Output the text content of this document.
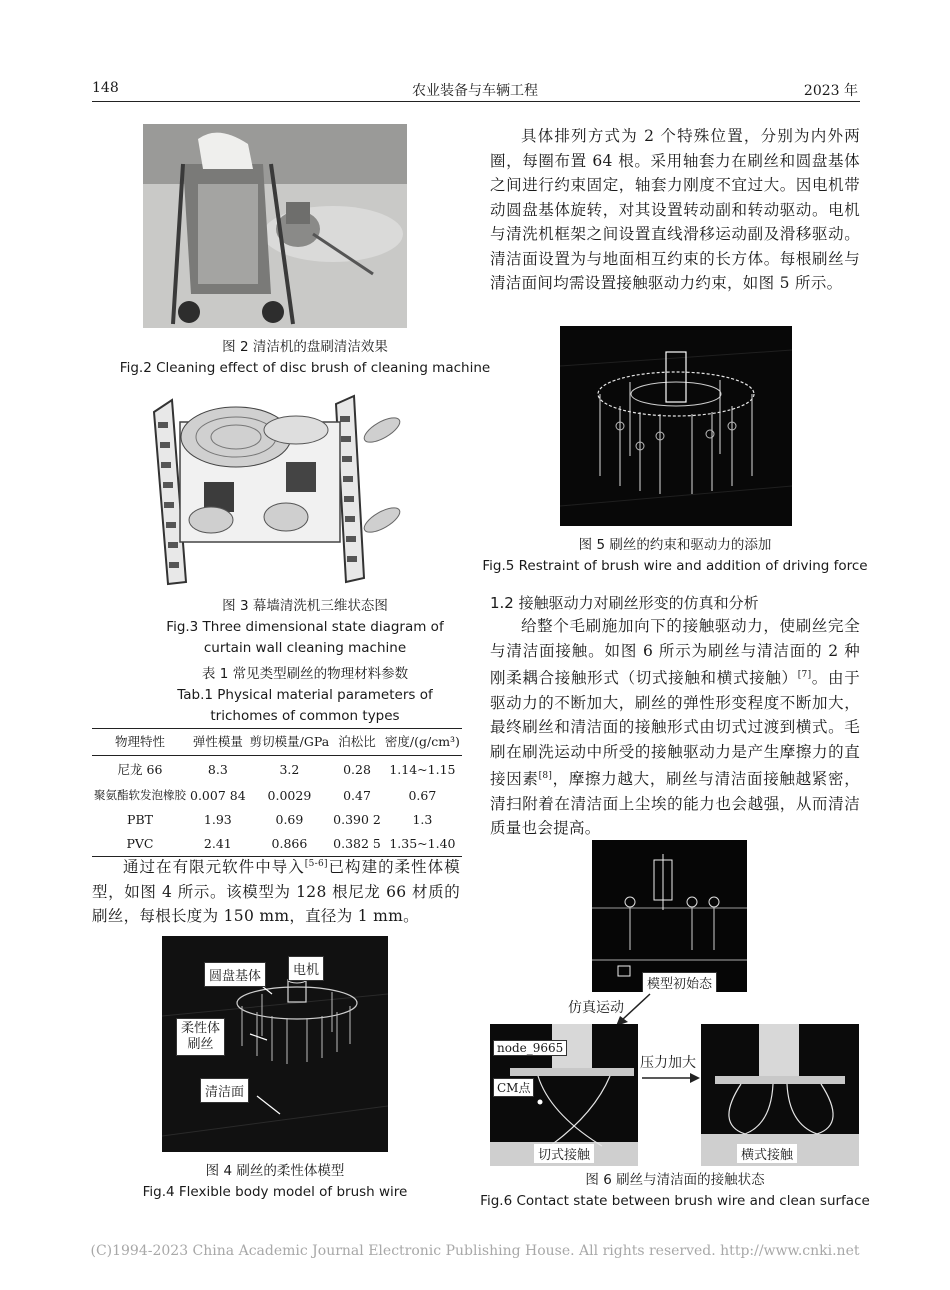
148	农业装备与车辆工程	2023 年
图 2 清洁机的盘刷清洁效果
Fig.2 Cleaning effect of disc brush of cleaning machine
图 3 幕墙清洗机三维状态图
Fig.3 Three dimensional state diagram of
curtain wall cleaning machine
表 1 常见类型刷丝的物理材料参数
Tab.1 Physical material parameters of
trichomes of common types
物理特性	弹性模量	剪切模量/GPa	泊松比	密度/(g/cm³)
尼龙 66	8.3	3.2	0.28	1.14~1.15
聚氨酯软发泡橡胶	0.007 84	0.0029	0.47	0.67
PBT	1.93	0.69	0.390 2	1.3
PVC	2.41	0.866	0.382 5	1.35~1.40

通过在有限元软件中导入[5-6]已构建的柔性体模型，如图 4 所示。该模型为 128 根尼龙 66 材质的刷丝，每根长度为 150 mm，直径为 1 mm。

圆盘基体	电机
柔性体
刷丝
清洁面
图 4 刷丝的柔性体模型
Fig.4 Flexible body model of brush wire

具体排列方式为 2 个特殊位置，分别为内外两圈，每圈布置 64 根。采用轴套力在刷丝和圆盘基体之间进行约束固定，轴套力刚度不宜过大。因电机带动圆盘基体旋转，对其设置转动副和转动驱动。电机与清洗机框架之间设置直线滑移运动副及滑移驱动。清洁面设置为与地面相互约束的长方体。每根刷丝与清洁面间均需设置接触驱动力约束，如图 5 所示。

图 5 刷丝的约束和驱动力的添加
Fig.5 Restraint of brush wire and addition of driving force
1.2 接触驱动力对刷丝形变的仿真和分析

给整个毛刷施加向下的接触驱动力，使刷丝完全与清洁面接触。如图 6 所示为刷丝与清洁面的 2 种刚柔耦合接触形式（切式接触和横式接触）[7]。由于驱动力的不断加大，刷丝的弹性形变程度不断加大，最终刷丝和清洁面的接触形式由切式过渡到横式。毛刷在刷洗运动中所受的接触驱动力是产生摩擦力的直接因素[8]，摩擦力越大，刷丝与清洁面接触越紧密，清扫附着在清洁面上尘埃的能力也会越强，从而清洁质量也会提高。

模型初始态
仿真运动
node_9665
CM点
切式接触
压力加大
横式接触
图 6 刷丝与清洁面的接触状态
Fig.6 Contact state between brush wire and clean surface
(C)1994-2023 China Academic Journal Electronic Publishing House. All rights reserved. http://www.cnki.net
